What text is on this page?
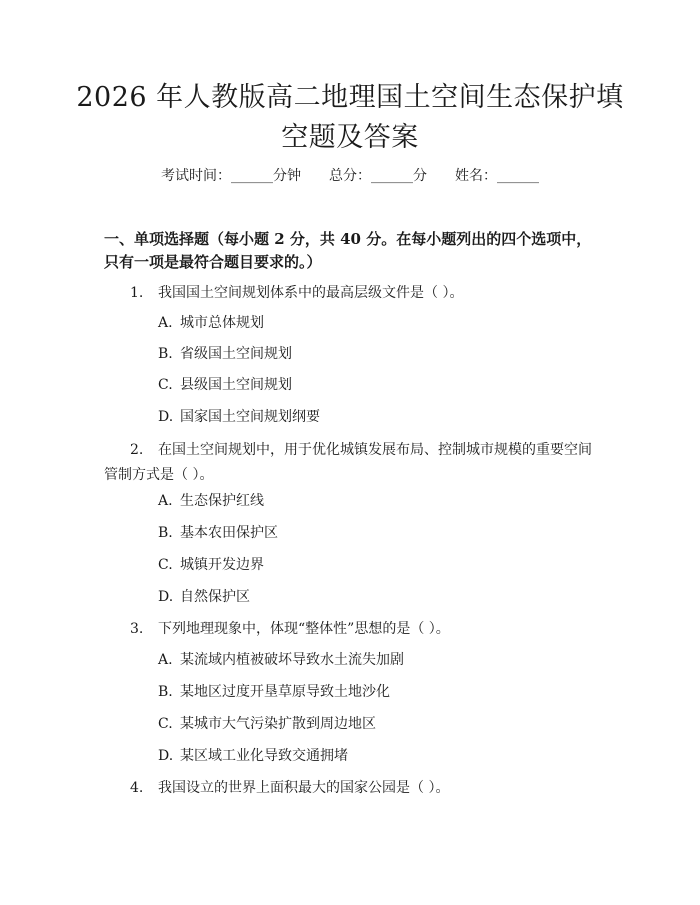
2026 年人教版高二地理国土空间生态保护填
空题及答案
考试时间：______分钟 总分：______分 姓名：______
一、单项选择题（每小题 2 分，共 40 分。在每小题列出的四个选项中，只有一项是最符合题目要求的。）
1. 我国国土空间规划体系中的最高层级文件是（ ）。
A. 城市总体规划
B. 省级国土空间规划
C. 县级国土空间规划
D. 国家国土空间规划纲要
2. 在国土空间规划中，用于优化城镇发展布局、控制城市规模的重要空间管制方式是（ ）。
A. 生态保护红线
B. 基本农田保护区
C. 城镇开发边界
D. 自然保护区
3. 下列地理现象中，体现“整体性”思想的是（ ）。
A. 某流域内植被破坏导致水土流失加剧
B. 某地区过度开垦草原导致土地沙化
C. 某城市大气污染扩散到周边地区
D. 某区域工业化导致交通拥堵
4. 我国设立的世界上面积最大的国家公园是（ ）。
